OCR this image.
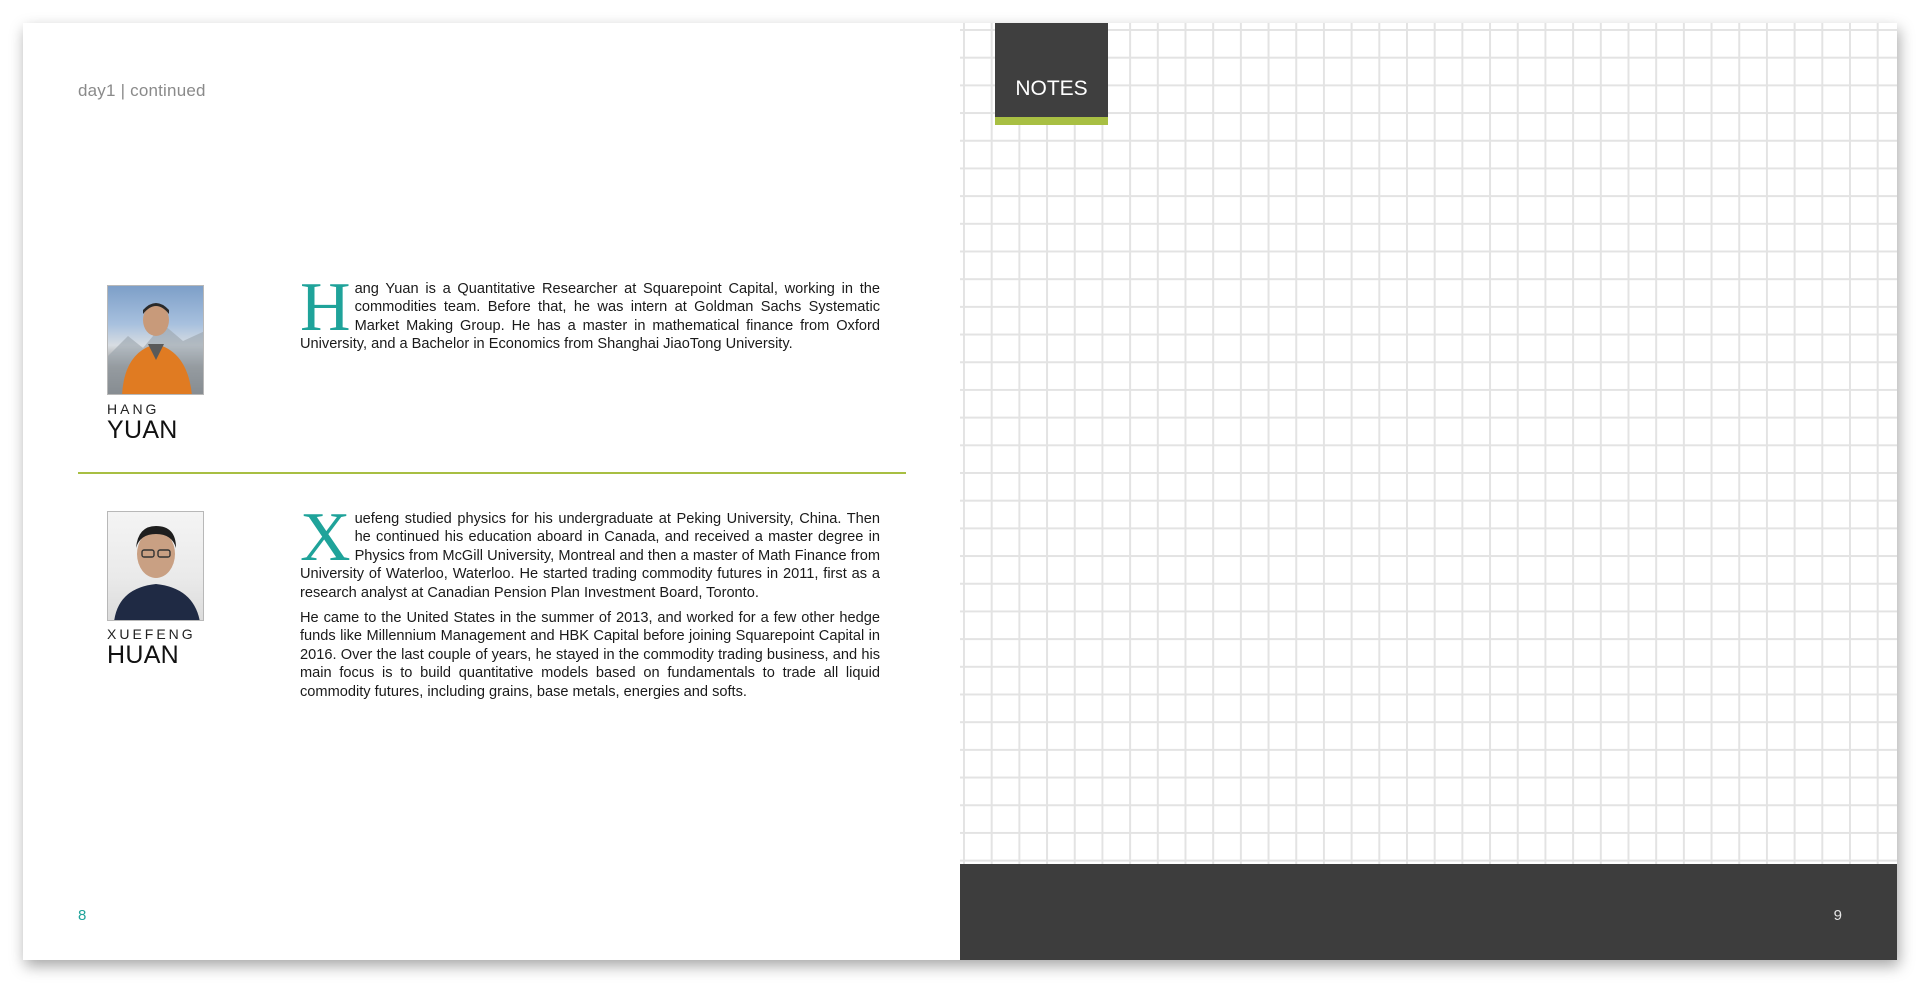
day1 | continued
HANG
YUAN

Hang Yuan is a Quantitative Researcher at Squarepoint Capital, working in the commodities team. Before that, he was intern at Goldman Sachs Systematic Market Making Group. He has a master in mathematical finance from Oxford University, and a Bachelor in Economics from Shanghai JiaoTong University.

XUEFENG
HUAN

Xuefeng studied physics for his undergraduate at Peking University, China. Then he continued his education aboard in Canada, and received a master degree in Physics from McGill University, Montreal and then a master of Math Finance from University of Waterloo, Waterloo. He started trading commodity futures in 2011, first as a research analyst at Canadian Pension Plan Investment Board, Toronto.

He came to the United States in the summer of 2013, and worked for a few other hedge funds like Millennium Management and HBK Capital before joining Squarepoint Capital in 2016. Over the last couple of years, he stayed in the commodity trading business, and his main focus is to build quantitative models based on fundamentals to trade all liquid commodity futures, including grains, base metals, energies and softs.

8
NOTES
9
